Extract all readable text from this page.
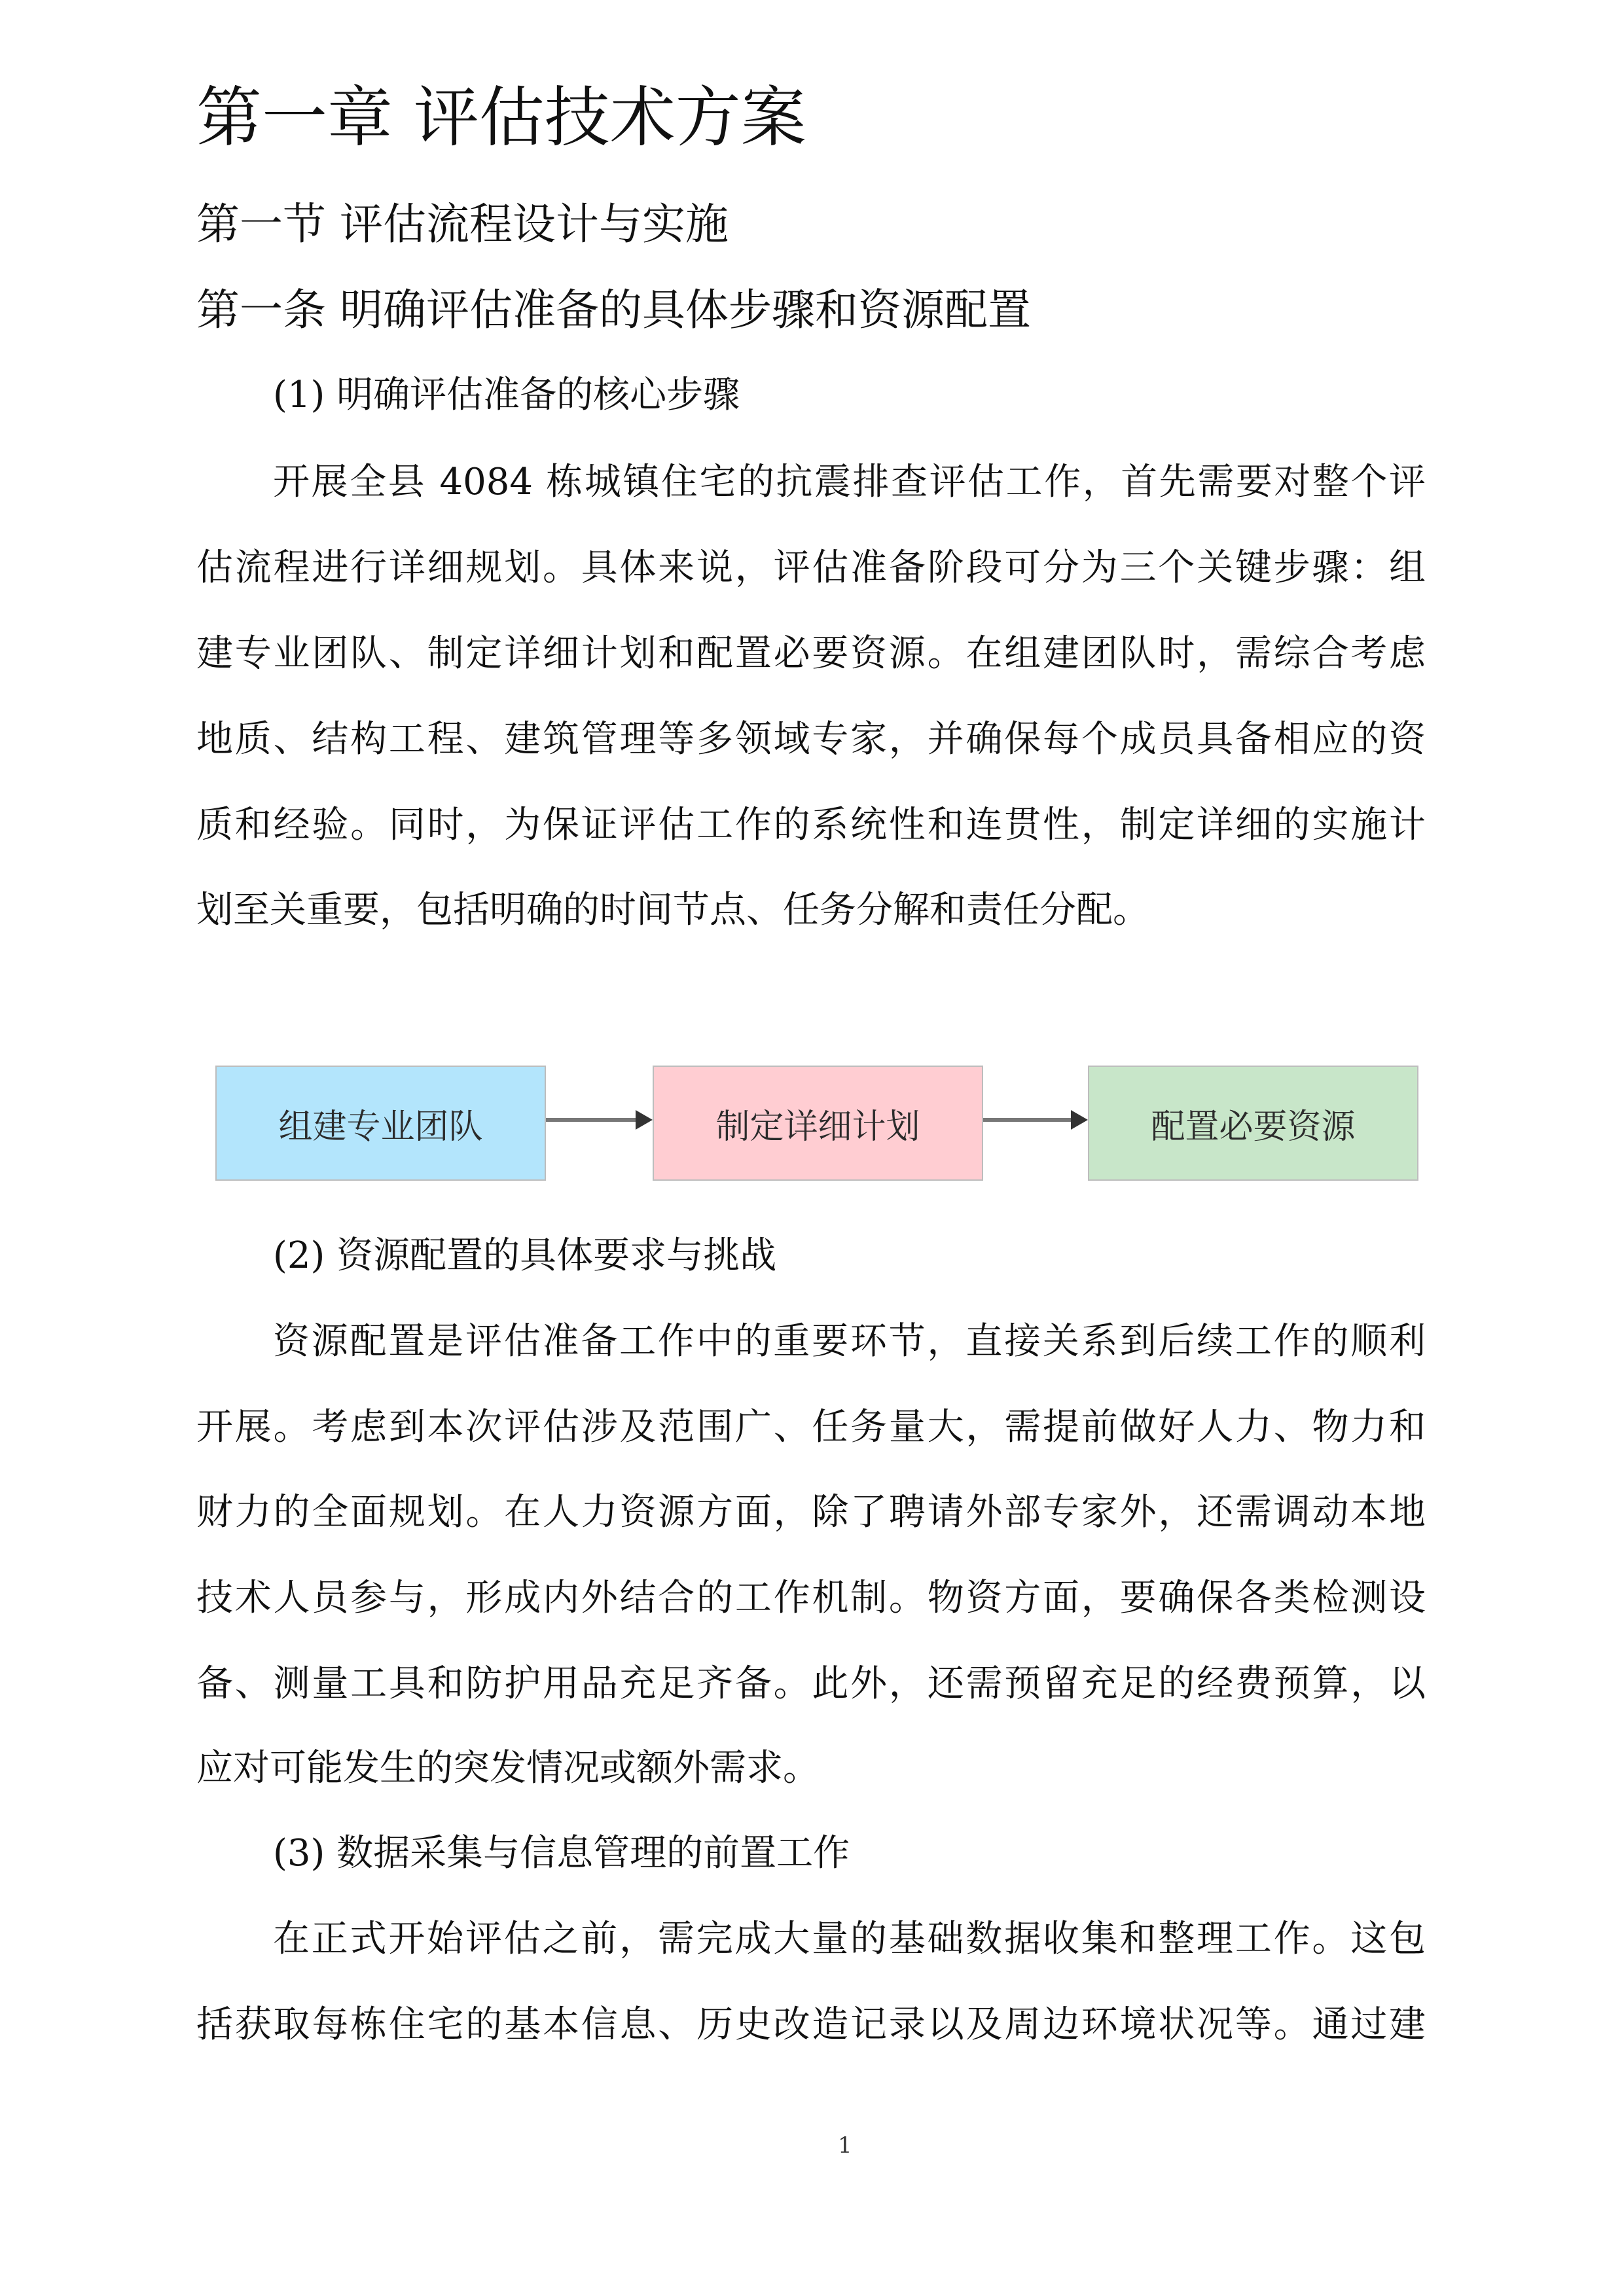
第一章 评估技术方案
第一节 评估流程设计与实施
第一条 明确评估准备的具体步骤和资源配置
(1) 明确评估准备的核心步骤
开展全县 4084 栋城镇住宅的抗震排查评估工作，首先需要对整个评
估流程进行详细规划。具体来说，评估准备阶段可分为三个关键步骤：组
建专业团队、制定详细计划和配置必要资源。在组建团队时，需综合考虑
地质、结构工程、建筑管理等多领域专家，并确保每个成员具备相应的资
质和经验。同时，为保证评估工作的系统性和连贯性，制定详细的实施计
划至关重要，包括明确的时间节点、任务分解和责任分配。
(2) 资源配置的具体要求与挑战
资源配置是评估准备工作中的重要环节，直接关系到后续工作的顺利
开展。考虑到本次评估涉及范围广、任务量大，需提前做好人力、物力和
财力的全面规划。在人力资源方面，除了聘请外部专家外，还需调动本地
技术人员参与，形成内外结合的工作机制。物资方面，要确保各类检测设
备、测量工具和防护用品充足齐备。此外，还需预留充足的经费预算，以
应对可能发生的突发情况或额外需求。
(3) 数据采集与信息管理的前置工作
在正式开始评估之前，需完成大量的基础数据收集和整理工作。这包
括获取每栋住宅的基本信息、历史改造记录以及周边环境状况等。通过建
组建专业团队	制定详细计划	配置必要资源
1
